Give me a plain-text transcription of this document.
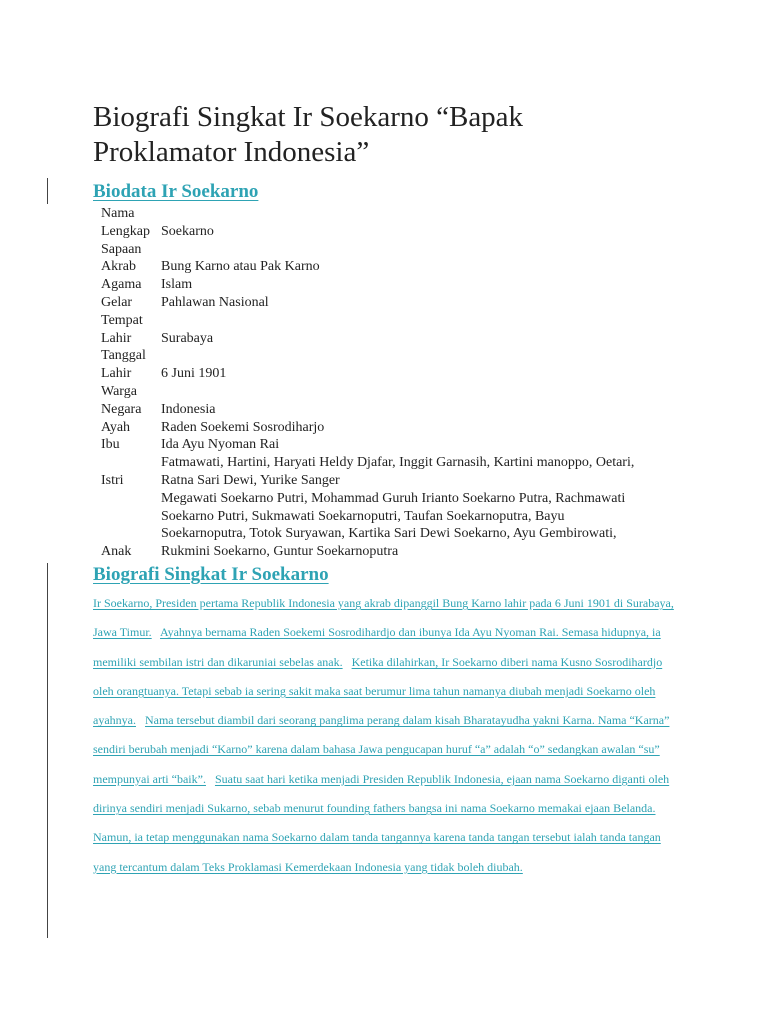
Biografi Singkat Ir Soekarno “Bapak Proklamator Indonesia”
Biodata Ir Soekarno
Nama Lengkap	Soekarno
Sapaan Akrab	Bung Karno atau Pak Karno
Agama	Islam
Gelar	Pahlawan Nasional
Tempat Lahir	Surabaya
Tanggal Lahir	6 Juni 1901
Warga Negara	Indonesia
Ayah	Raden Soekemi Sosrodiharjo
Ibu	Ida Ayu Nyoman Rai
Istri	Fatmawati, Hartini, Haryati Heldy Djafar, Inggit Garnasih, Kartini manoppo, Oetari, Ratna Sari Dewi, Yurike Sanger
Anak	Megawati Soekarno Putri, Mohammad Guruh Irianto Soekarno Putra, Rachmawati Soekarno Putri, Sukmawati Soekarnoputri, Taufan Soekarnoputra, Bayu Soekarnoputra, Totok Suryawan, Kartika Sari Dewi Soekarno, Ayu Gembirowati, Rukmini Soekarno, Guntur Soekarnoputra
Biografi Singkat Ir Soekarno

Ir Soekarno, Presiden pertama Republik Indonesia yang akrab dipanggil Bung Karno lahir pada 6 Juni 1901 di Surabaya, Jawa Timur. Ayahnya bernama Raden Soekemi Sosrodihardjo dan ibunya Ida Ayu Nyoman Rai. Semasa hidupnya, ia memiliki sembilan istri dan dikaruniai sebelas anak. Ketika dilahirkan, Ir Soekarno diberi nama Kusno Sosrodihardjo oleh orangtuanya. Tetapi sebab ia sering sakit maka saat berumur lima tahun namanya diubah menjadi Soekarno oleh ayahnya. Nama tersebut diambil dari seorang panglima perang dalam kisah Bharatayudha yakni Karna. Nama “Karna” sendiri berubah menjadi “Karno” karena dalam bahasa Jawa pengucapan huruf “a” adalah “o” sedangkan awalan “su” mempunyai arti “baik”. Suatu saat hari ketika menjadi Presiden Republik Indonesia, ejaan nama Soekarno diganti oleh dirinya sendiri menjadi Sukarno, sebab menurut founding fathers bangsa ini nama Soekarno memakai ejaan Belanda.  Namun, ia tetap menggunakan nama Soekarno dalam tanda tangannya karena tanda tangan tersebut ialah tanda tangan yang tercantum dalam Teks Proklamasi Kemerdekaan Indonesia yang tidak boleh diubah.
